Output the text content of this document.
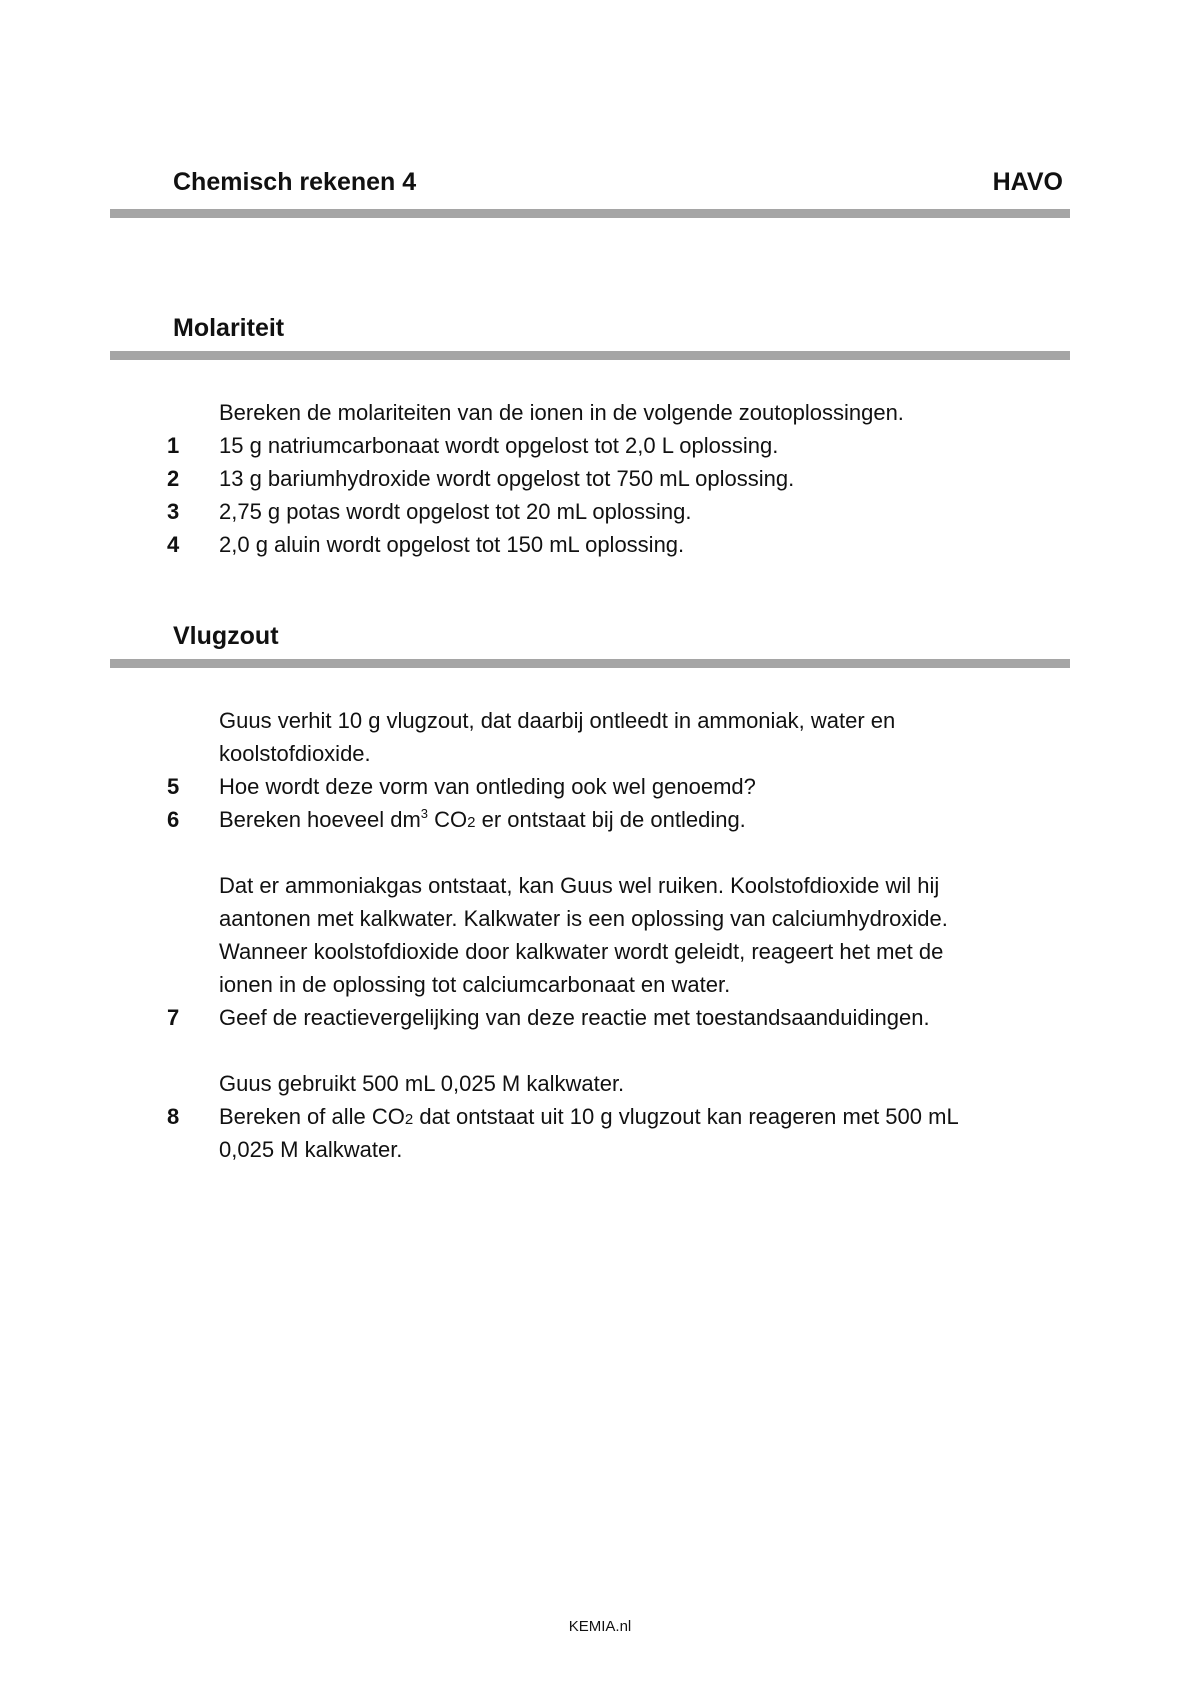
Chemisch rekenen 4	HAVO
Molariteit
Bereken de molariteiten van de ionen in de volgende zoutoplossingen.
1	15 g natriumcarbonaat wordt opgelost tot 2,0 L oplossing.
2	13 g bariumhydroxide wordt opgelost tot 750 mL oplossing.
3	2,75 g potas wordt opgelost tot 20 mL oplossing.
4	2,0 g aluin wordt opgelost tot 150 mL oplossing.
Vlugzout
Guus verhit 10 g vlugzout, dat daarbij ontleedt in ammoniak, water en
koolstofdioxide.
5	Hoe wordt deze vorm van ontleding ook wel genoemd?
6	Bereken hoeveel $dm^3$ CO2 er ontstaat bij de ontleding.
Dat er ammoniakgas ontstaat, kan Guus wel ruiken. Koolstofdioxide wil hij
aantonen met kalkwater. Kalkwater is een oplossing van calciumhydroxide.
Wanneer koolstofdioxide door kalkwater wordt geleidt, reageert het met de
ionen in de oplossing tot calciumcarbonaat en water.
7	Geef de reactievergelijking van deze reactie met toestandsaanduidingen.
Guus gebruikt 500 mL 0,025 M kalkwater.
8	Bereken of alle CO2 dat ontstaat uit 10 g vlugzout kan reageren met 500 mL
0,025 M kalkwater.
KEMIA.nl
